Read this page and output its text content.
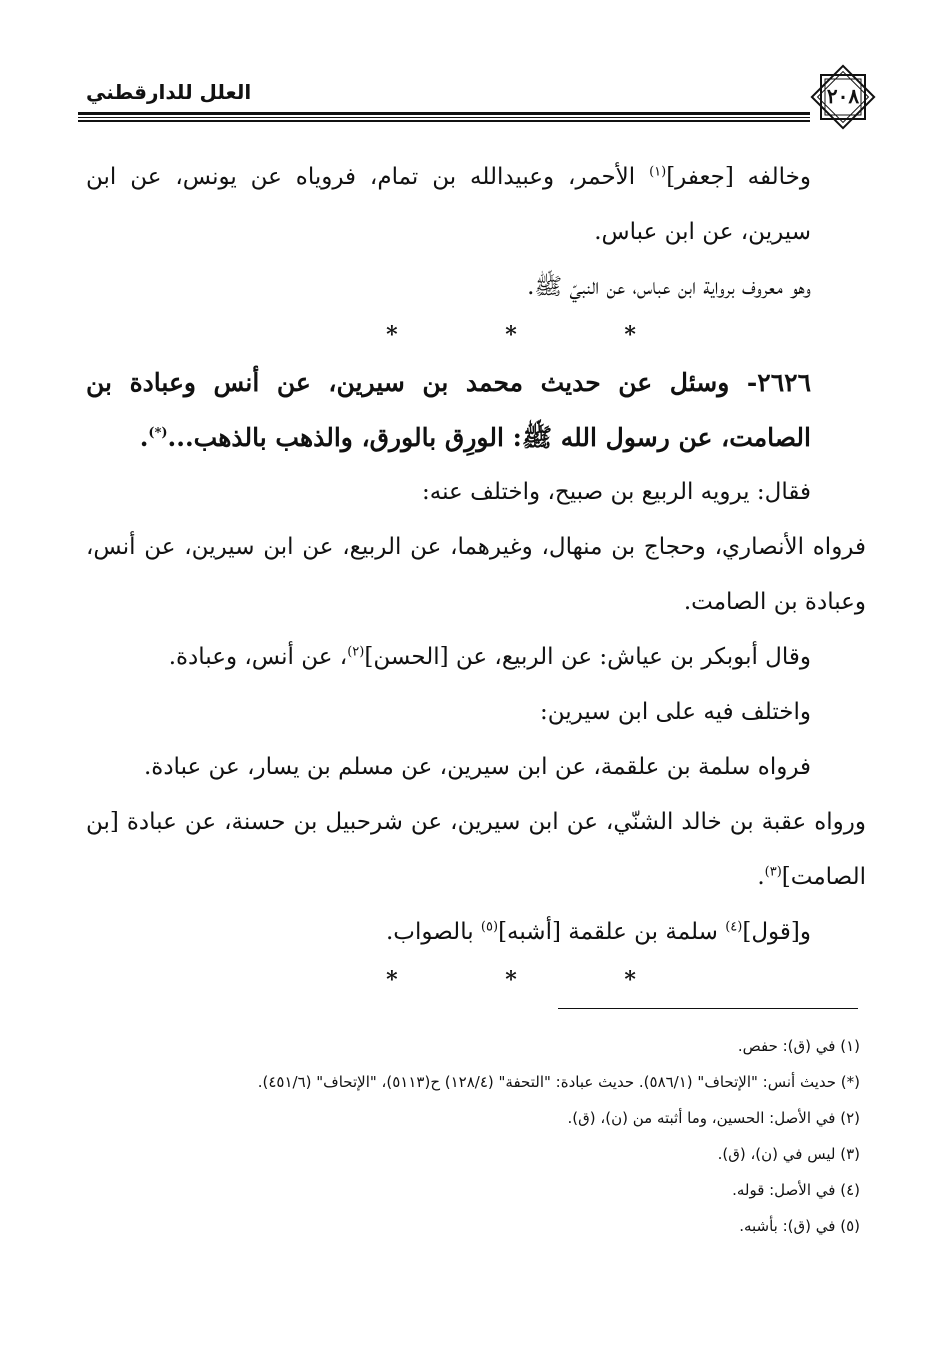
٢٠٨
العلل للدارقطني

وخالفه [جعفر]$^{(١)}$ الأحمر، وعبيدالله بن تمام، فروياه عن يونس، عن ابن سيرين، عن ابن عباس.

وهو معروف برواية ابن عباس، عن النبيّ ﷺ.

* * *

٢٦٢٦- وسئل عن حديث محمد بن سيرين، عن أنس وعبادة بن الصامت، عن رسول الله ﷺ: الورِق بالورق، والذهب بالذهب...(*).

فقال: يرويه الربيع بن صبيح، واختلف عنه:

فرواه الأنصاري، وحجاج بن منهال، وغيرهما، عن الربيع، عن ابن سيرين، عن أنس، وعبادة بن الصامت.

وقال أبوبكر بن عياش: عن الربيع، عن [الحسن]$^{(٢)}$، عن أنس، وعبادة.

واختلف فيه على ابن سيرين:

فرواه سلمة بن علقمة، عن ابن سيرين، عن مسلم بن يسار، عن عبادة.

ورواه عقبة بن خالد الشنّي، عن ابن سيرين، عن شرحبيل بن حسنة، عن عبادة [بن الصامت]$^{(٣)}$.

و[قول]$^{(٤)}$ سلمة بن علقمة [أشبه]$^{(٥)}$ بالصواب.

* * *

(١) في (ق): حفص.

(*) حديث أنس: "الإتحاف" (٥٨٦/١). حديث عبادة: "التحفة" (١٢٨/٤) ح(٥١١٣)، "الإتحاف" (٤٥١/٦).

(٢) في الأصل: الحسين، وما أثبته من (ن)، (ق).

(٣) ليس في (ن)، (ق).

(٤) في الأصل: قوله.

(٥) في (ق): بأشبه.
